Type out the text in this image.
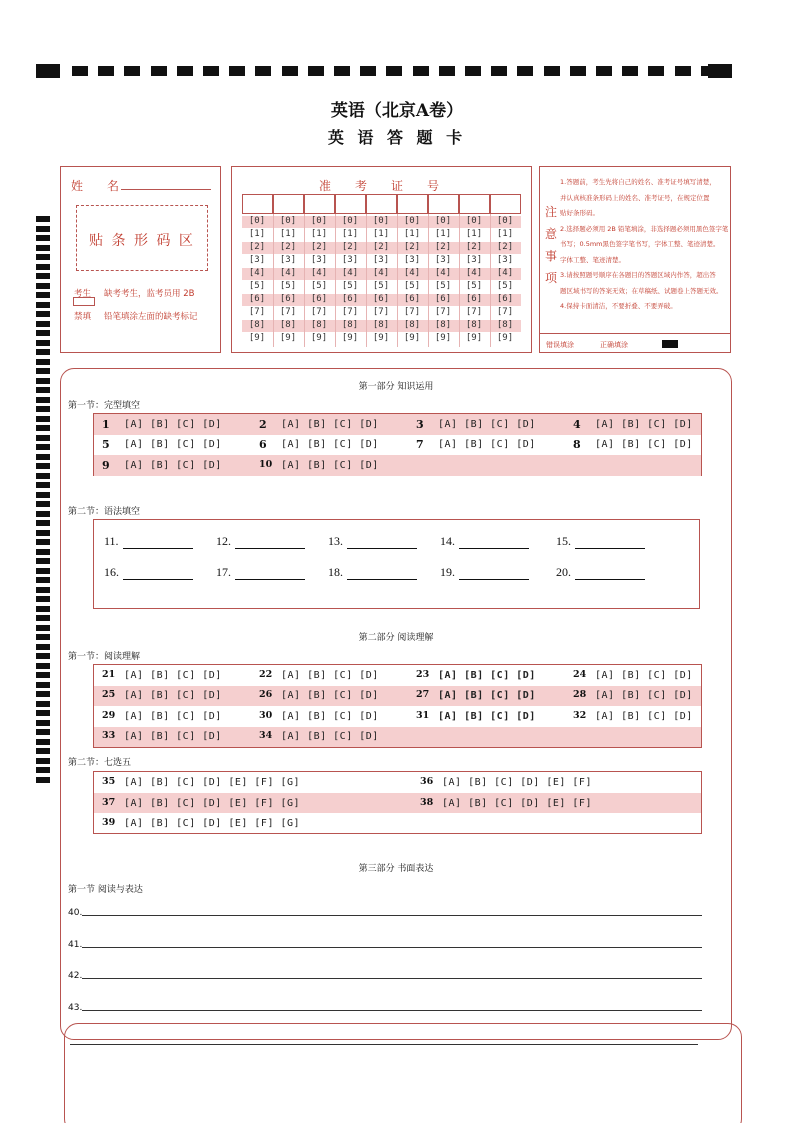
英语（北京A卷）
英 语 答 题 卡
姓　　名
贴 条 形 码 区
考生
禁填
缺考考生，监考员用 2B
铅笔填涂左面的缺考标记
准　考　证　号
[0]	[0]	[0]	[0]	[0]	[0]	[0]	[0]	[0]
[1]	[1]	[1]	[1]	[1]	[1]	[1]	[1]	[1]
[2]	[2]	[2]	[2]	[2]	[2]	[2]	[2]	[2]
[3]	[3]	[3]	[3]	[3]	[3]	[3]	[3]	[3]
[4]	[4]	[4]	[4]	[4]	[4]	[4]	[4]	[4]
[5]	[5]	[5]	[5]	[5]	[5]	[5]	[5]	[5]
[6]	[6]	[6]	[6]	[6]	[6]	[6]	[6]	[6]
[7]	[7]	[7]	[7]	[7]	[7]	[7]	[7]	[7]
[8]	[8]	[8]	[8]	[8]	[8]	[8]	[8]	[8]
[9]	[9]	[9]	[9]	[9]	[9]	[9]	[9]	[9]
注
意
事
项
1.答题前，考生先将自己的姓名、准考证号填写清楚，
并认真核准条形码上的姓名、准考证号，在规定位置
贴好条形码。
2.选择题必须用 2B 铅笔填涂，非选择题必须用黑色签字笔
书写；0.5mm黑色签字笔书写，字体工整、笔迹清楚。
字体工整、笔迹清楚。
3.请按照题号顺序在各题目的答题区域内作答，超出答
题区域书写的答案无效；在草稿纸、试题卷上答题无效。
4.保持卡面清洁，不要折叠、不要弄破。
错误填涂	正确填涂
第一部分 知识运用
第一节：完型填空
1 [A] [B] [C] [D]	2 [A] [B] [C] [D]	3 [A] [B] [C] [D]	4 [A] [B] [C] [D]
5 [A] [B] [C] [D]	6 [A] [B] [C] [D]	7 [A] [B] [C] [D]	8 [A] [B] [C] [D]
9 [A] [B] [C] [D]	10 [A] [B] [C] [D]
第二节：语法填空
11.	12.	13.	14.	15.
16.	17.	18.	19.	20.
第二部分 阅读理解
第一节：阅读理解
21 [A] [B] [C] [D]	22 [A] [B] [C] [D]	23 [A] [B] [C] [D]	24 [A] [B] [C] [D]
25 [A] [B] [C] [D]	26 [A] [B] [C] [D]	27 [A] [B] [C] [D]	28 [A] [B] [C] [D]
29 [A] [B] [C] [D]	30 [A] [B] [C] [D]	31 [A] [B] [C] [D]	32 [A] [B] [C] [D]
33 [A] [B] [C] [D]	34 [A] [B] [C] [D]
第二节：七选五
35 [A] [B] [C] [D] [E] [F] [G]	36 [A] [B] [C] [D] [E] [F]
37 [A] [B] [C] [D] [E] [F] [G]	38 [A] [B] [C] [D] [E] [F]
39 [A] [B] [C] [D] [E] [F] [G]
第三部分 书面表达
第一节 阅读与表达
40.
41.
42.
43.
